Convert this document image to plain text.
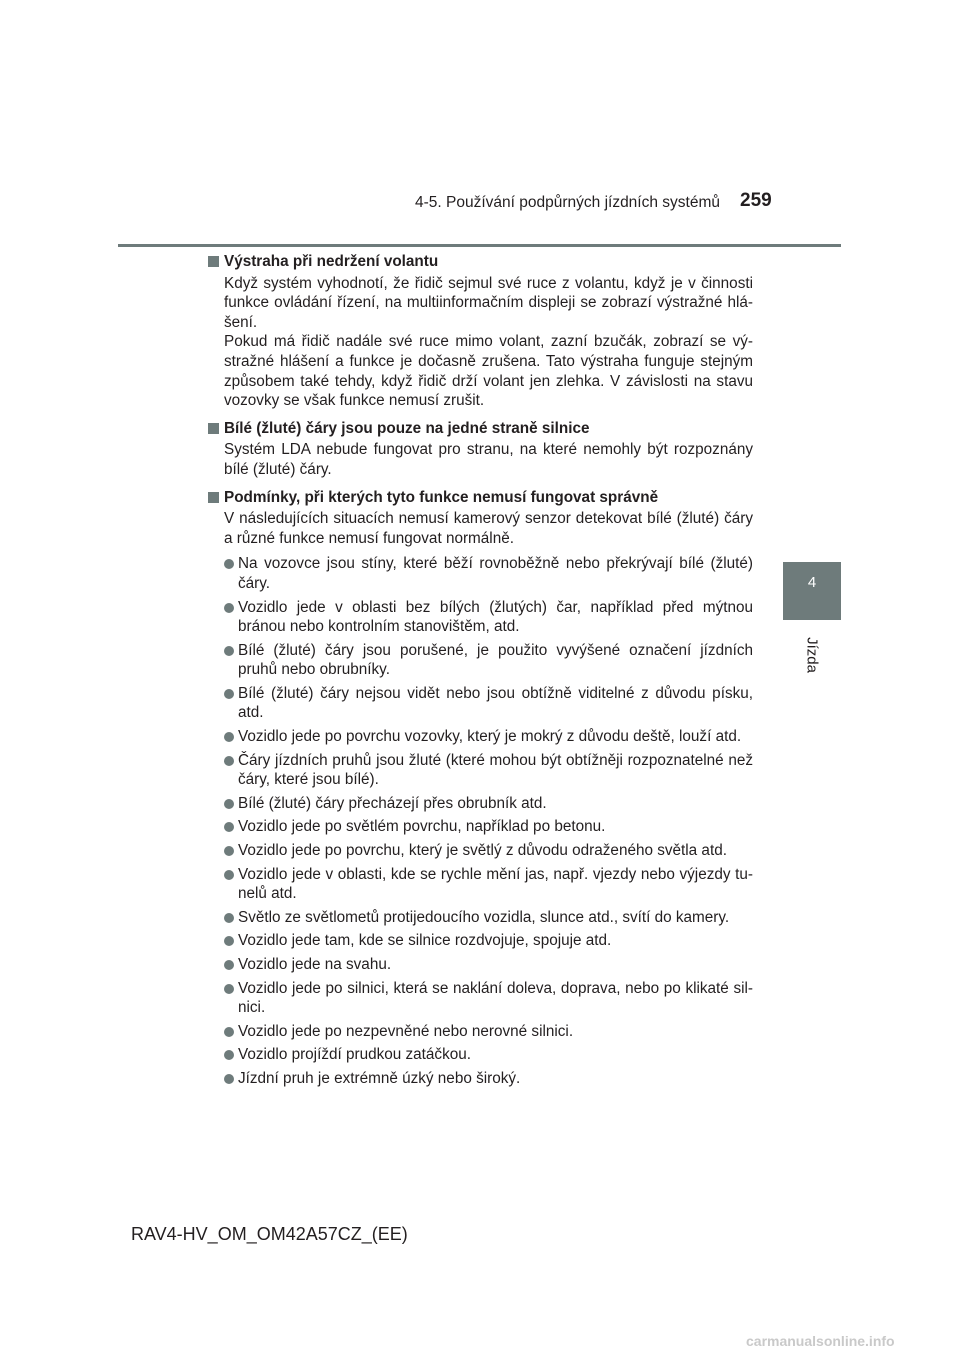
4-5. Používání podpůrných jízdních systémů 259
4
Jízda
Výstraha při nedržení volantu

Když systém vyhodnotí, že řidič sejmul své ruce z volantu, když je v činnosti funkce ovládání řízení, na multiinformačním displeji se zobrazí výstražné hlá-šení.

Pokud má řidič nadále své ruce mimo volant, zazní bzučák, zobrazí se vý-stražné hlášení a funkce je dočasně zrušena. Tato výstraha funguje stejným způsobem také tehdy, když řidič drží volant jen zlehka. V závislosti na stavu vozovky se však funkce nemusí zrušit.

Bílé (žluté) čáry jsou pouze na jedné straně silnice

Systém LDA nebude fungovat pro stranu, na které nemohly být rozpoznány bílé (žluté) čáry.

Podmínky, při kterých tyto funkce nemusí fungovat správně

V následujících situacích nemusí kamerový senzor detekovat bílé (žluté) čáry a různé funkce nemusí fungovat normálně.

Na vozovce jsou stíny, které běží rovnoběžně nebo překrývají bílé (žluté) čáry.
Vozidlo jede v oblasti bez bílých (žlutých) čar, například před mýtnou bránou nebo kontrolním stanovištěm, atd.
Bílé (žluté) čáry jsou porušené, je použito vyvýšené označení jízdních pruhů nebo obrubníky.
Bílé (žluté) čáry nejsou vidět nebo jsou obtížně viditelné z důvodu písku, atd.
Vozidlo jede po povrchu vozovky, který je mokrý z důvodu deště, louží atd.
Čáry jízdních pruhů jsou žluté (které mohou být obtížněji rozpoznatelné než čáry, které jsou bílé).
Bílé (žluté) čáry přecházejí přes obrubník atd.
Vozidlo jede po světlém povrchu, například po betonu.
Vozidlo jede po povrchu, který je světlý z důvodu odraženého světla atd.
Vozidlo jede v oblasti, kde se rychle mění jas, např. vjezdy nebo výjezdy tu-nelů atd.
Světlo ze světlometů protijedoucího vozidla, slunce atd., svítí do kamery.
Vozidlo jede tam, kde se silnice rozdvojuje, spojuje atd.
Vozidlo jede na svahu.
Vozidlo jede po silnici, která se naklání doleva, doprava, nebo po klikaté sil-nici.
Vozidlo jede po nezpevněné nebo nerovné silnici.
Vozidlo projíždí prudkou zatáčkou.
Jízdní pruh je extrémně úzký nebo široký.
RAV4-HV_OM_OM42A57CZ_(EE)
carmanualsonline.info
